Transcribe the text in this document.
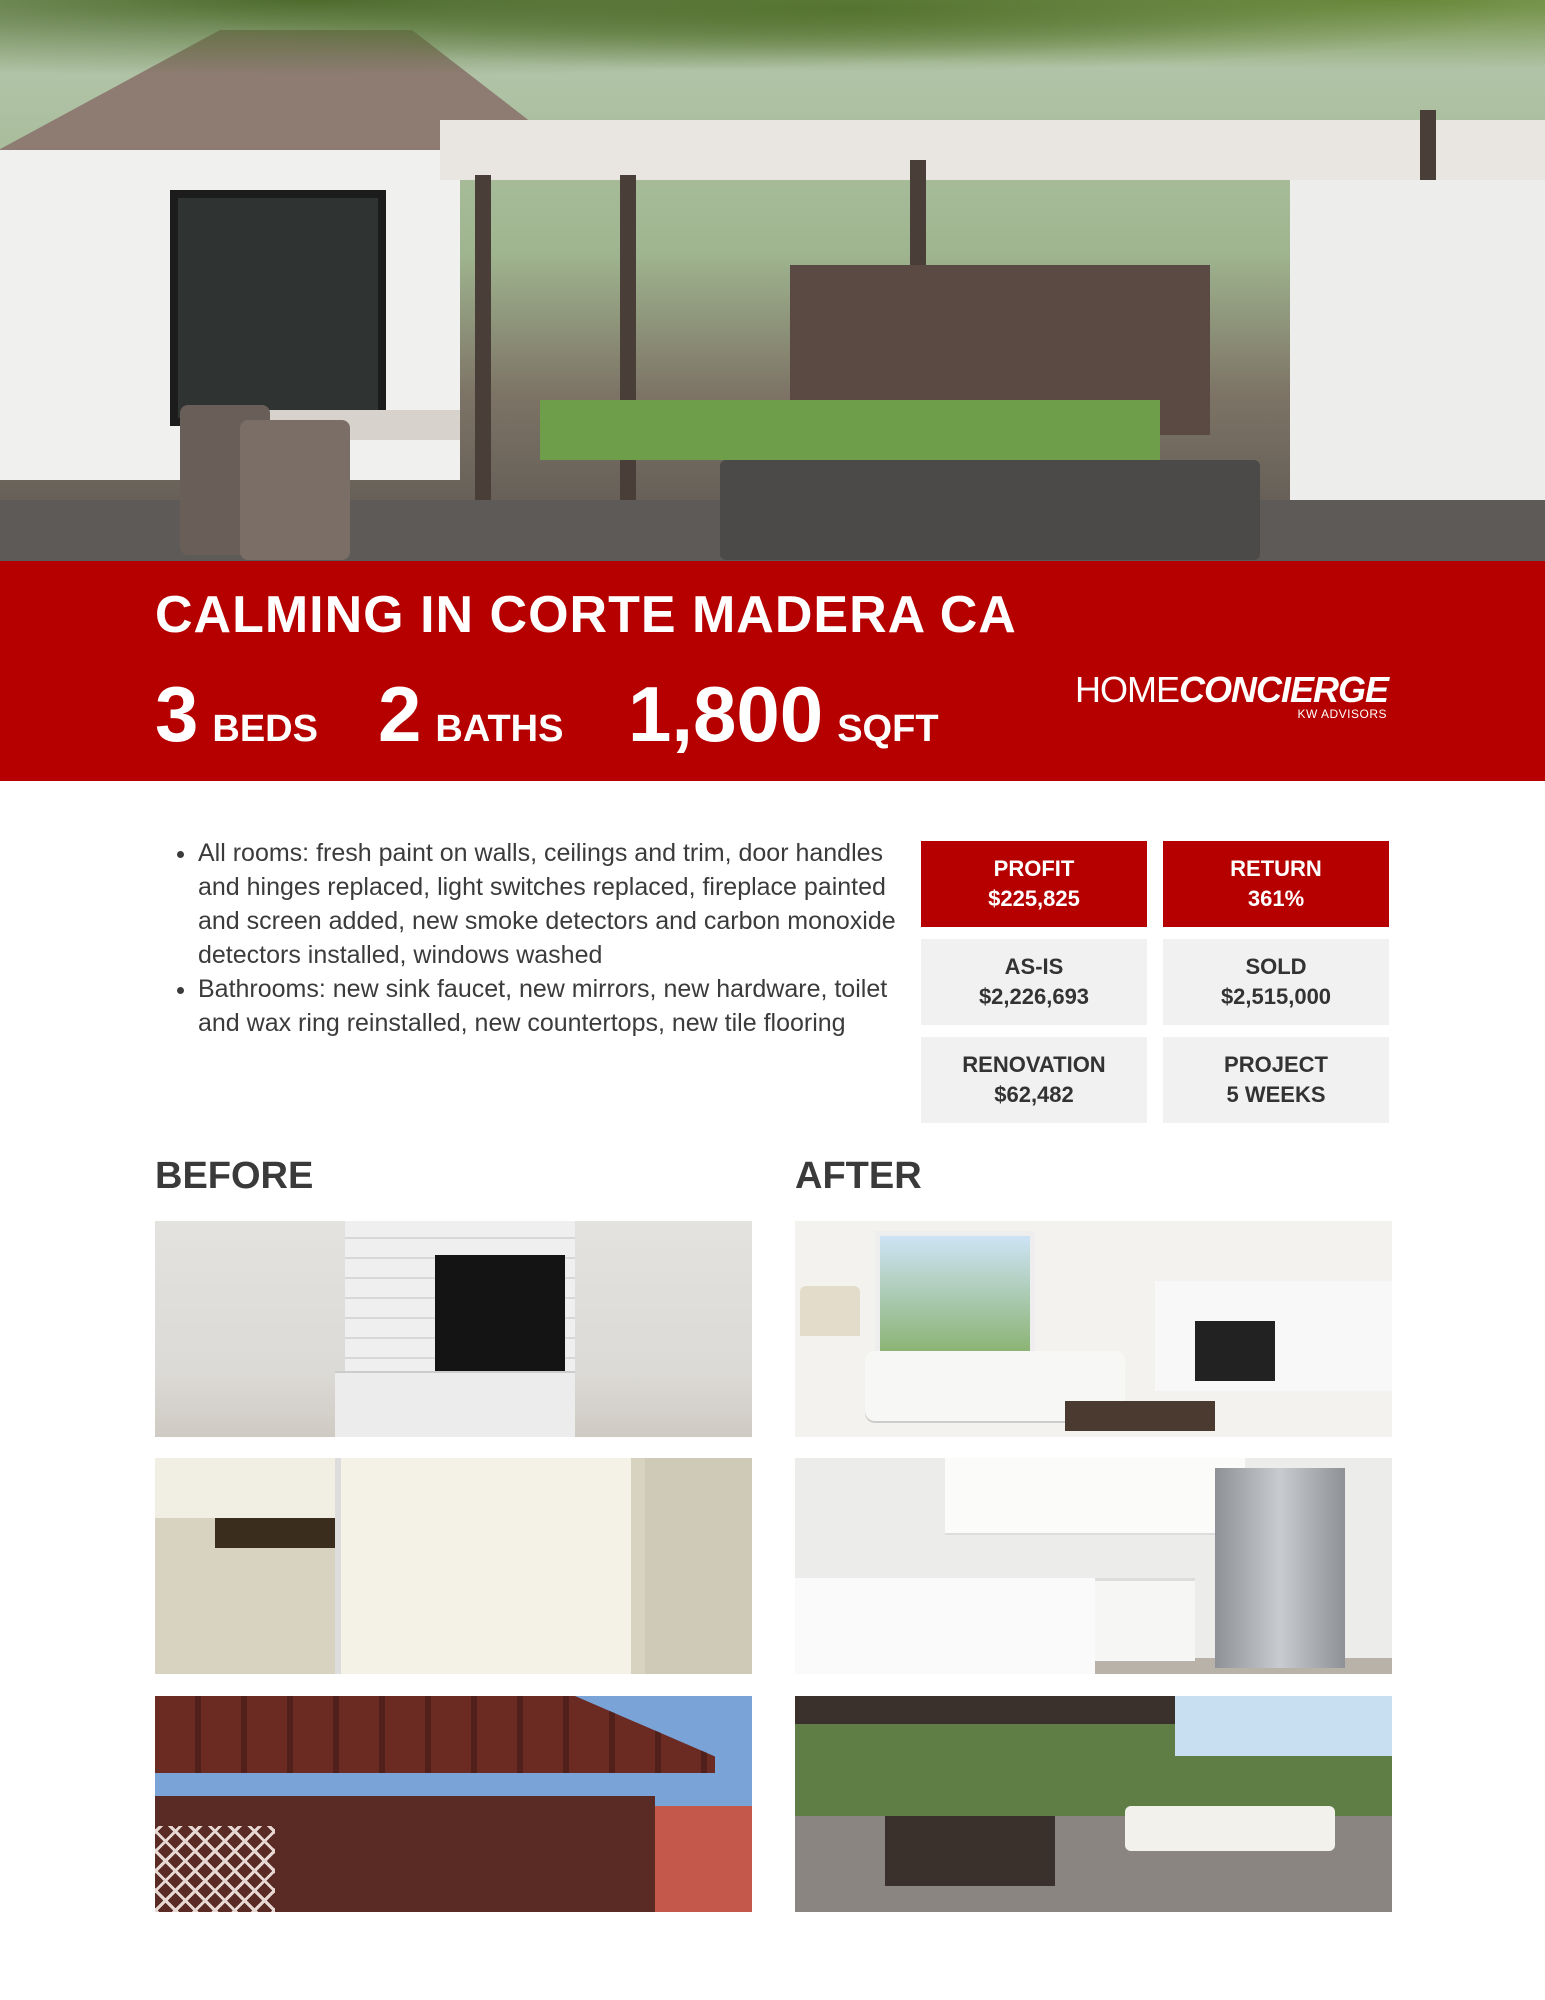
CALMING IN CORTE MADERA CA
3 BEDS 2 BATHS 1,800 SQFT
HOMECONCIERGE
KW ADVISORS
• All rooms: fresh paint on walls, ceilings and trim, door handles and hinges replaced, light switches replaced, fireplace painted and screen added, new smoke detectors and carbon monoxide detectors installed, windows washed
• Bathrooms: new sink faucet, new mirrors, new hardware, toilet and wax ring reinstalled, new countertops, new tile flooring
PROFIT
$225,825
RETURN
361%
AS-IS
$2,226,693
SOLD
$2,515,000
RENOVATION
$62,482
PROJECT
5 WEEKS
BEFORE	AFTER
